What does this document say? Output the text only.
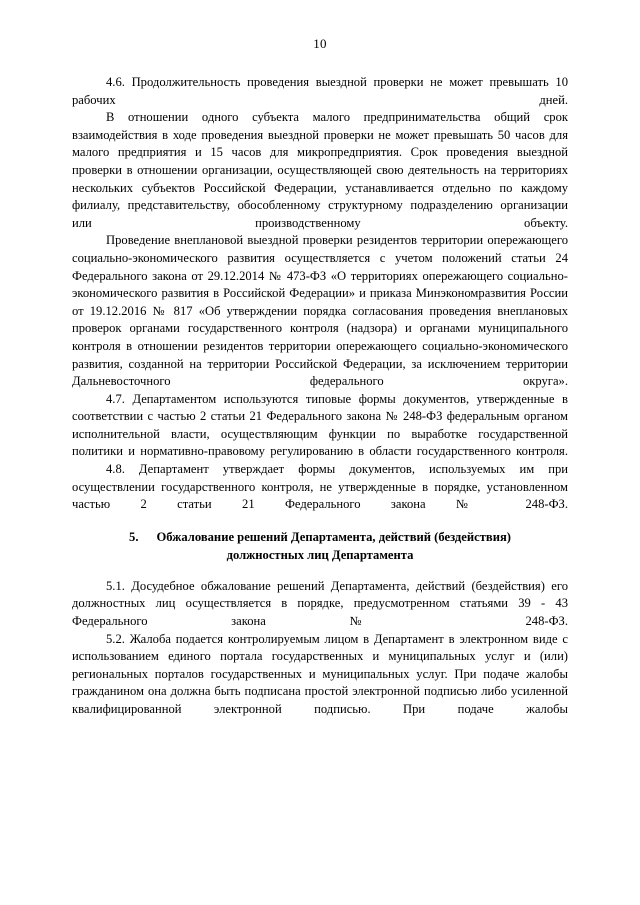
10

4.6. Продолжительность проведения выездной проверки не может превышать 10 рабочих дней.

В отношении одного субъекта малого предпринимательства общий срок взаимодействия в ходе проведения выездной проверки не может превышать 50 часов для малого предприятия и 15 часов для микропредприятия. Срок проведения выездной проверки в отношении организации, осуществляющей свою деятельность на территориях нескольких субъектов Российской Федерации, устанавливается отдельно по каждому филиалу, представительству, обособленному структурному подразделению организации или производственному объекту.

Проведение внеплановой выездной проверки резидентов территории опережающего социально-экономического развития осуществляется с учетом положений статьи 24 Федерального закона от 29.12.2014 № 473-ФЗ «О территориях опережающего социально-экономического развития в Российской Федерации» и приказа Минэкономразвития России от 19.12.2016 № 817 «Об утверждении порядка согласования проведения внеплановых проверок органами государственного контроля (надзора) и органами муниципального контроля в отношении резидентов территории опережающего социально-экономического развития, созданной на территории Российской Федерации, за исключением территории Дальневосточного федерального округа».

4.7. Департаментом используются типовые формы документов, утвержденные в соответствии с частью 2 статьи 21 Федерального закона № 248-ФЗ федеральным органом исполнительной власти, осуществляющим функции по выработке государственной политики и нормативно-правовому регулированию в области государственного контроля.

4.8. Департамент утверждает формы документов, используемых им при осуществлении государственного контроля, не утвержденные в порядке, установленном частью 2 статьи 21 Федерального закона № 248-ФЗ.

5. Обжалование решений Департамента, действий (бездействия)
должностных лиц Департамента

5.1. Досудебное обжалование решений Департамента, действий (бездействия) его должностных лиц осуществляется в порядке, предусмотренном статьями 39 - 43 Федерального закона № 248-ФЗ.

5.2. Жалоба подается контролируемым лицом в Департамент в электронном виде с использованием единого портала государственных и муниципальных услуг и (или) региональных порталов государственных и муниципальных услуг. При подаче жалобы гражданином она должна быть подписана простой электронной подписью либо усиленной квалифицированной электронной подписью. При подаче жалобы
